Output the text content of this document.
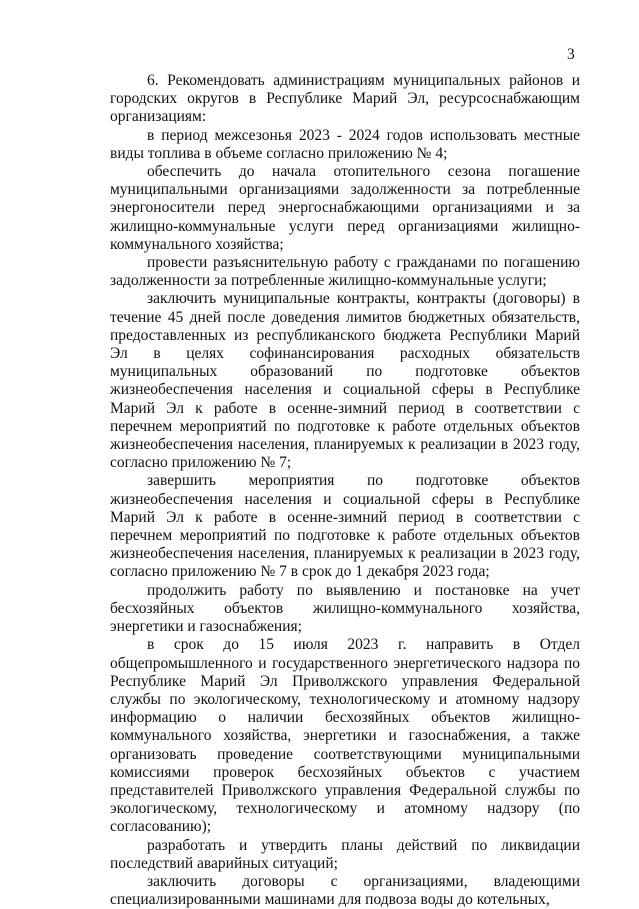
3

6. Рекомендовать администрациям муниципальных районов и городских округов в Республике Марий Эл, ресурсоснабжающим организациям:

в период межсезонья 2023 - 2024 годов использовать местные виды топлива в объеме согласно приложению № 4;

обеспечить до начала отопительного сезона погашение муниципальными организациями задолженности за потребленные энергоносители перед энергоснабжающими организациями и за жилищно-коммунальные услуги перед организациями жилищно-коммунального хозяйства;

провести разъяснительную работу с гражданами по погашению задолженности за потребленные жилищно-коммунальные услуги;

заключить муниципальные контракты, контракты (договоры) в течение 45 дней после доведения лимитов бюджетных обязательств, предоставленных из республиканского бюджета Республики Марий Эл в целях софинансирования расходных обязательств муниципальных образований по подготовке объектов жизнеобеспечения населения и социальной сферы в Республике Марий Эл к работе в осенне-зимний период в соответствии с перечнем мероприятий по подготовке к работе отдельных объектов жизнеобеспечения населения, планируемых к реализации в 2023 году, согласно приложению № 7;

завершить мероприятия по подготовке объектов жизнеобеспечения населения и социальной сферы в Республике Марий Эл к работе в осенне-зимний период в соответствии с перечнем мероприятий по подготовке к работе отдельных объектов жизнеобеспечения населения, планируемых к реализации в 2023 году, согласно приложению № 7 в срок до 1 декабря 2023 года;

продолжить работу по выявлению и постановке на учет бесхозяйных объектов жилищно-коммунального хозяйства, энергетики и газоснабжения;

в срок до 15 июля 2023 г. направить в Отдел общепромышленного и государственного энергетического надзора по Республике Марий Эл Приволжского управления Федеральной службы по экологическому, технологическому и атомному надзору информацию о наличии бесхозяйных объектов жилищно-коммунального хозяйства, энергетики и газоснабжения, а также организовать проведение соответствующими муниципальными комиссиями проверок бесхозяйных объектов с участием представителей Приволжского управления Федеральной службы по экологическому, технологическому и атомному надзору (по согласованию);

разработать и утвердить планы действий по ликвидации последствий аварийных ситуаций;

заключить договоры с организациями, владеющими специализированными машинами для подвоза воды до котельных,
